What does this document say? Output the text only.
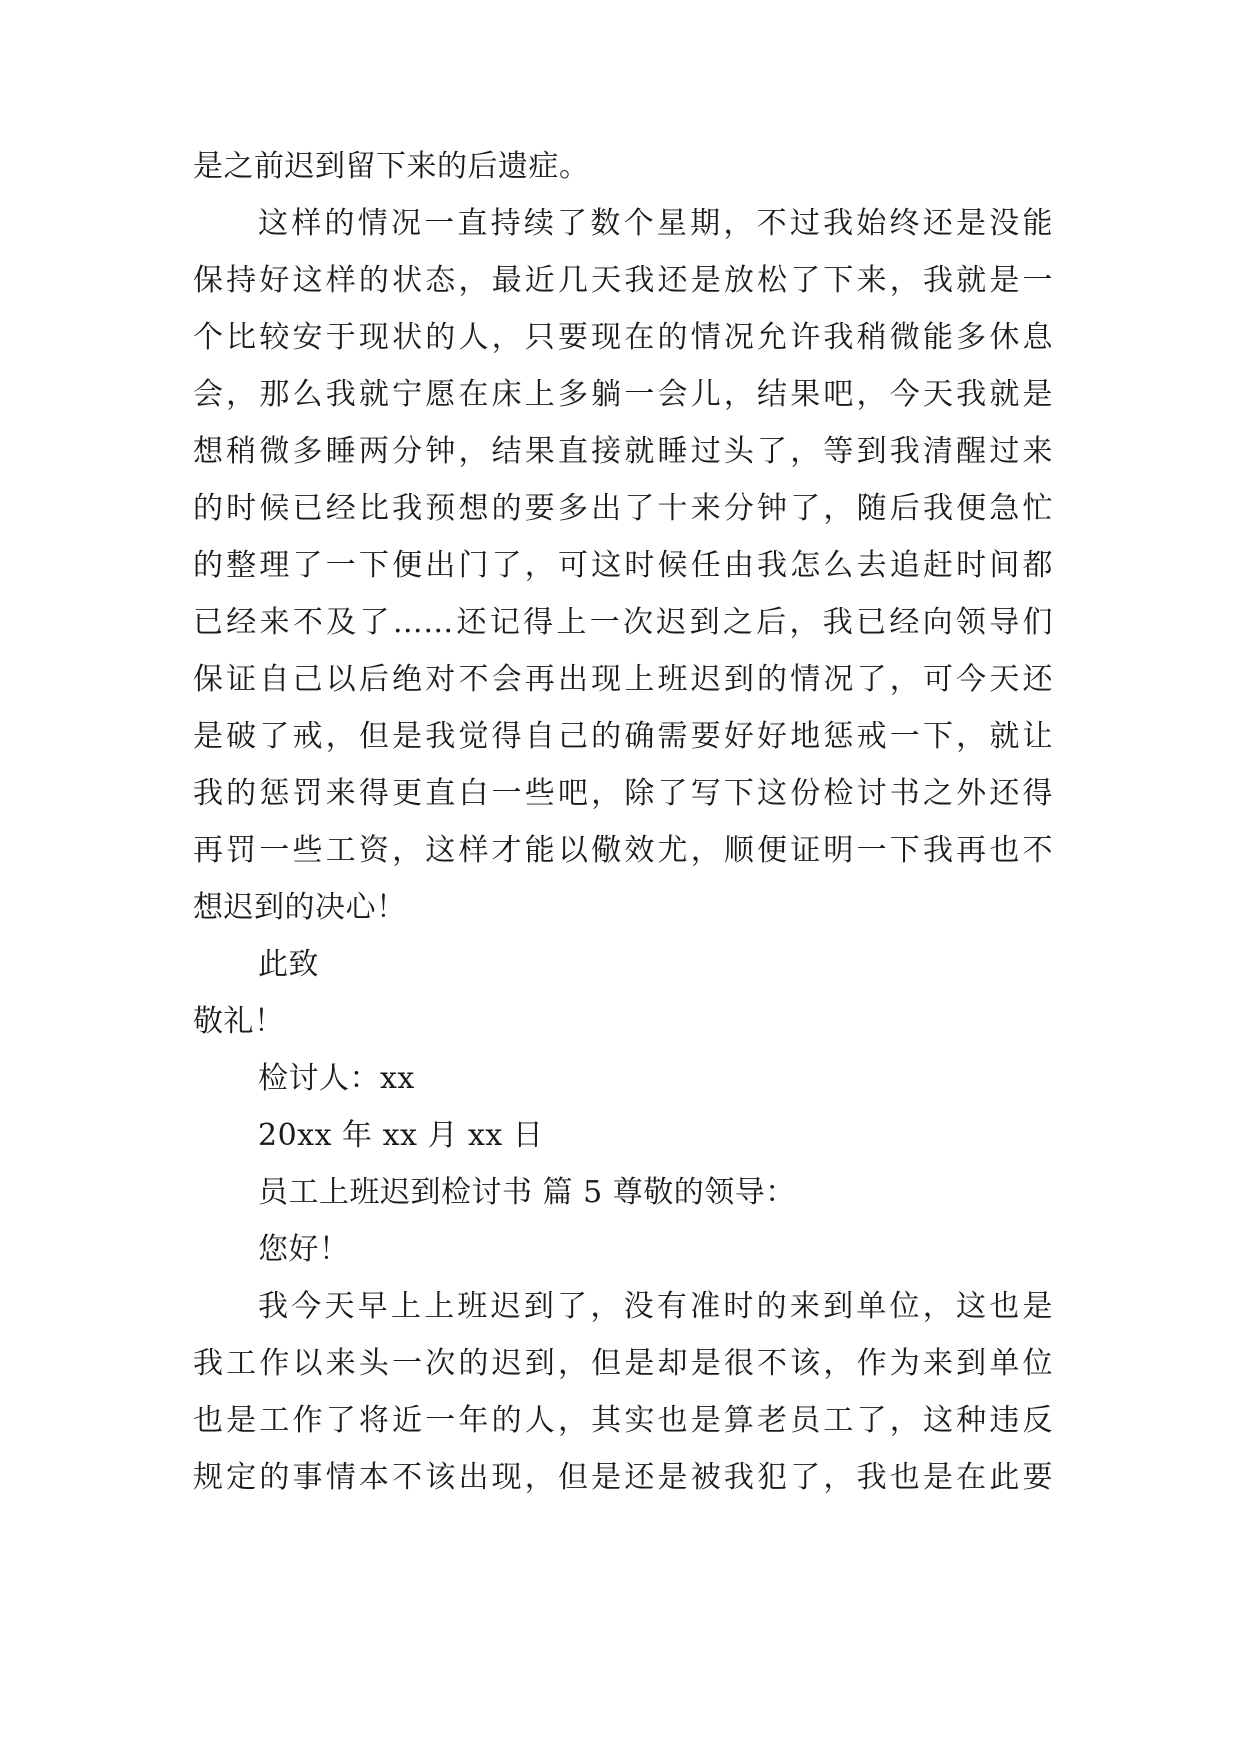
是之前迟到留下来的后遗症。
这样的情况一直持续了数个星期，不过我始终还是没能
保持好这样的状态，最近几天我还是放松了下来，我就是一
个比较安于现状的人，只要现在的情况允许我稍微能多休息
会，那么我就宁愿在床上多躺一会儿，结果吧，今天我就是
想稍微多睡两分钟，结果直接就睡过头了，等到我清醒过来
的时候已经比我预想的要多出了十来分钟了，随后我便急忙
的整理了一下便出门了，可这时候任由我怎么去追赶时间都
已经来不及了……还记得上一次迟到之后，我已经向领导们
保证自己以后绝对不会再出现上班迟到的情况了，可今天还
是破了戒，但是我觉得自己的确需要好好地惩戒一下，就让
我的惩罚来得更直白一些吧，除了写下这份检讨书之外还得
再罚一些工资，这样才能以儆效尤，顺便证明一下我再也不
想迟到的决心！
此致
敬礼！
检讨人：xx
20xx 年 xx 月 xx 日
员工上班迟到检讨书 篇 5 尊敬的领导：
您好！
我今天早上上班迟到了，没有准时的来到单位，这也是
我工作以来头一次的迟到，但是却是很不该，作为来到单位
也是工作了将近一年的人，其实也是算老员工了，这种违反
规定的事情本不该出现，但是还是被我犯了，我也是在此要
